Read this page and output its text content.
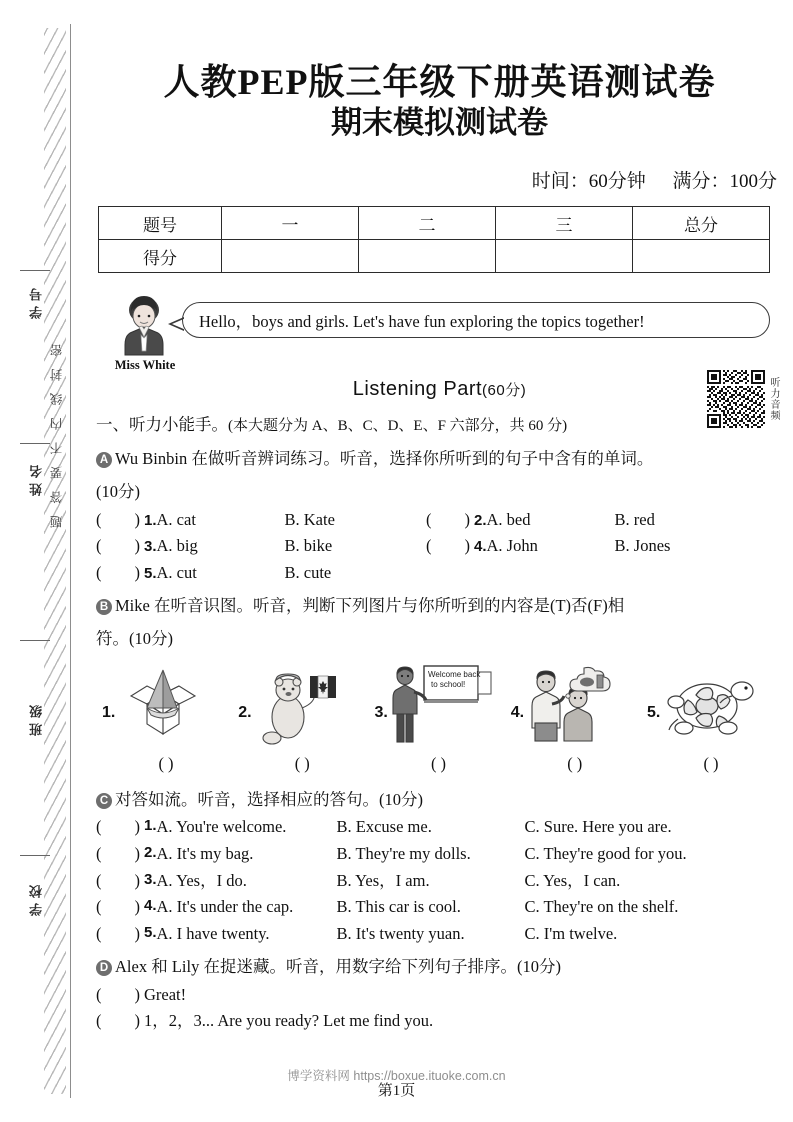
学号
姓名
班级
学校
题答要不内线封密
人教PEP版三年级下册英语测试卷
期末模拟测试卷
时间：60分钟 满分：100分
题号	一	二	三	总分
得分				
Miss White
Hello，boys and girls. Let's have fun exploring the topics together!
Listening Part(60分)	听力音频
一、听力小能手。(本大题分为 A、B、C、D、E、F 六部分，共 60 分)
A Wu Binbin 在做听音辨词练习。听音，选择你所听到的句子中含有的单词。
(10分)
(　　) 1.A. cat	B. Kate	(　　) 2.A. bed	B. red
(　　) 3.A. big	B. bike	(　　) 4.A. John	B. Jones
(　　) 5.A. cut	B. cute
B Mike 在听音识图。听音，判断下列图片与你所听到的内容是(T)否(F)相
符。(10分)
1.	2.	3.
Welcome back
to school!
4.	5.
( )	( )	( )	( )	( )
C 对答如流。听音，选择相应的答句。(10分)
(　　) 1. A. You're welcome.	B. Excuse me.	C. Sure. Here you are.
(　　) 2. A. It's my bag.	B. They're my dolls.	C. They're good for you.
(　　) 3. A. Yes，I do.	B. Yes，I am.	C. Yes，I can.
(　　) 4. A. It's under the cap.	B. This car is cool.	C. They're on the shelf.
(　　) 5. A. I have twenty.	B. It's twenty yuan.	C. I'm twelve.
D Alex 和 Lily 在捉迷藏。听音，用数字给下列句子排序。(10分)
(　　) Great!
(　　) 1，2，3... Are you ready? Let me find you.
博学资料网 https://boxue.ituoke.com.cn
第1页
